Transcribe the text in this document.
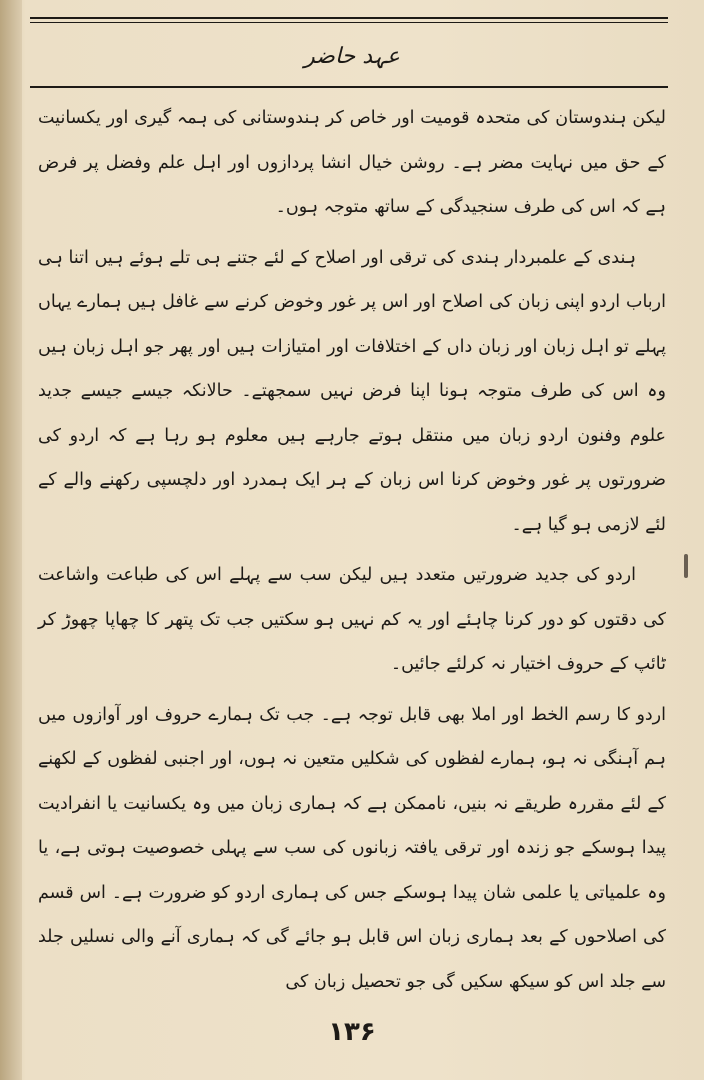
عہد حاضر

لیکن ہندوستان کی متحدہ قومیت اور خاص کر ہندوستانی کی ہمہ گیری اور یکسانیت کے حق میں نہایت مضر ہے۔ روشن خیال انشا پردازوں اور اہل علم وفضل پر فرض ہے کہ اس کی طرف سنجیدگی کے ساتھ متوجہ ہوں۔

ہندی کے علمبردار ہندی کی ترقی اور اصلاح کے لئے جتنے ہی تلے ہوئے ہیں اتنا ہی ارباب اردو اپنی زبان کی اصلاح اور اس پر غور وخوض کرنے سے غافل ہیں ہمارے یہاں پہلے تو اہل زبان اور زبان داں کے اختلافات اور امتیازات ہیں اور پھر جو اہل زبان ہیں وہ اس کی طرف متوجہ ہونا اپنا فرض نہیں سمجھتے۔ حالانکہ جیسے جیسے جدید علوم وفنون اردو زبان میں منتقل ہوتے جارہے ہیں معلوم ہو رہا ہے کہ اردو کی ضرورتوں پر غور وخوض کرنا اس زبان کے ہر ایک ہمدرد اور دلچسپی رکھنے والے کے لئے لازمی ہو گیا ہے۔

اردو کی جدید ضرورتیں متعدد ہیں لیکن سب سے پہلے اس کی طباعت واشاعت کی دقتوں کو دور کرنا چاہئے اور یہ کم نہیں ہو سکتیں جب تک پتھر کا چھاپا چھوڑ کر ٹائپ کے حروف اختیار نہ کرلئے جائیں۔

اردو کا رسم الخط اور املا بھی قابل توجہ ہے۔ جب تک ہمارے حروف اور آوازوں میں ہم آہنگی نہ ہو، ہمارے لفظوں کی شکلیں متعین نہ ہوں، اور اجنبی لفظوں کے لکھنے کے لئے مقررہ طریقے نہ بنیں، ناممکن ہے کہ ہماری زبان میں وہ یکسانیت یا انفرادیت پیدا ہوسکے جو زندہ اور ترقی یافتہ زبانوں کی سب سے پہلی خصوصیت ہوتی ہے، یا وہ علمیاتی یا علمی شان پیدا ہوسکے جس کی ہماری اردو کو ضرورت ہے۔ اس قسم کی اصلاحوں کے بعد ہماری زبان اس قابل ہو جائے گی کہ ہماری آنے والی نسلیں جلد سے جلد اس کو سیکھ سکیں گی جو تحصیل زبان کی

۱۳۶
